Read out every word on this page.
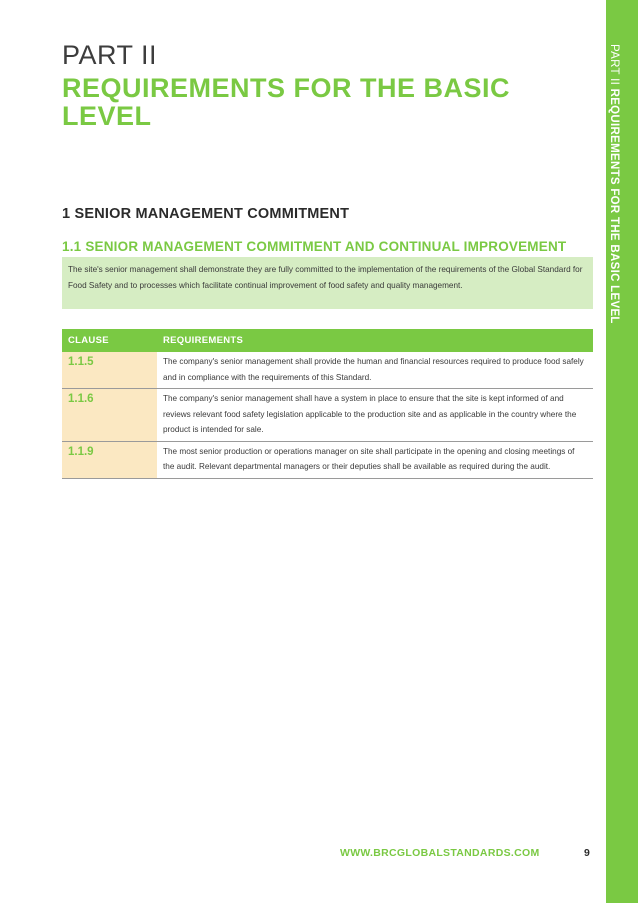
PART II REQUIREMENTS FOR THE BASIC LEVEL
PART II
REQUIREMENTS FOR THE BASIC LEVEL
1 SENIOR MANAGEMENT COMMITMENT
1.1 SENIOR MANAGEMENT COMMITMENT AND CONTINUAL IMPROVEMENT
The site's senior management shall demonstrate they are fully committed to the implementation of the requirements of the Global Standard for Food Safety and to processes which facilitate continual improvement of food safety and quality management.
CLAUSE	REQUIREMENTS
1.1.5	The company's senior management shall provide the human and financial resources required to produce food safely and in compliance with the requirements of this Standard.
1.1.6	The company's senior management shall have a system in place to ensure that the site is kept informed of and reviews relevant food safety legislation applicable to the production site and as applicable in the country where the product is intended for sale.
1.1.9	The most senior production or operations manager on site shall participate in the opening and closing meetings of the audit. Relevant departmental managers or their deputies shall be available as required during the audit.
WWW.BRCGLOBALSTANDARDS.COM	9
